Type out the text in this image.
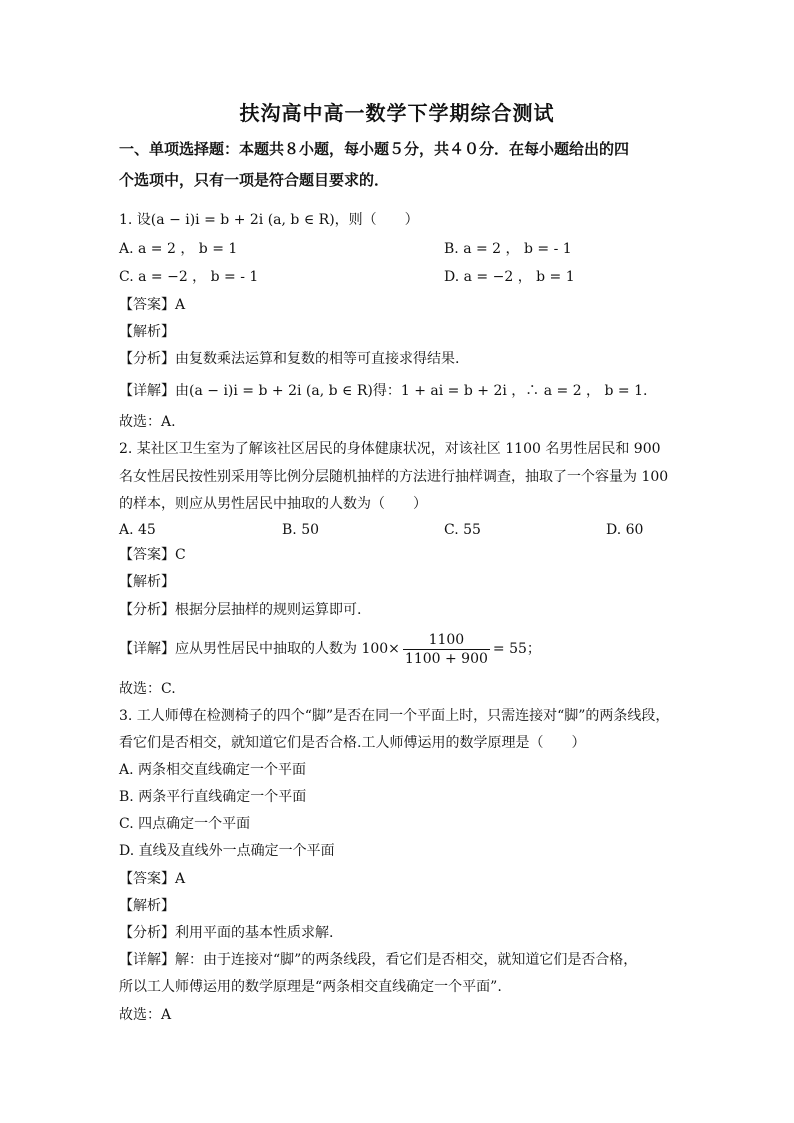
扶沟高中高一数学下学期综合测试
一、单项选择题：本题共８小题，每小题５分，共４０分．在每小题给出的四
个选项中，只有一项是符合题目要求的．
1. 设(a − i)i = b + 2i (a, b ∈ R)，则（　　）
A. a = 2 ， b = 1	B. a = 2 ， b = - 1
C. a = −2 ， b = - 1	D. a = −2 ， b = 1
【答案】A
【解析】
【分析】由复数乘法运算和复数的相等可直接求得结果.
【详解】由(a − i)i = b + 2i (a, b ∈ R)得：1 + ai = b + 2i ，∴ a = 2 ， b = 1.
故选：A.
2. 某社区卫生室为了解该社区居民的身体健康状况，对该社区 1100 名男性居民和 900
名女性居民按性别采用等比例分层随机抽样的方法进行抽样调查，抽取了一个容量为 100
的样本，则应从男性居民中抽取的人数为（　　）
A. 45	B. 50	C. 55	D. 60
【答案】C
【解析】
【分析】根据分层抽样的规则运算即可.
【详解】应从男性居民中抽取的人数为 $100\times \frac{1100}{1100 + 900} = 55$；
故选：C.
3. 工人师傅在检测椅子的四个“脚”是否在同一个平面上时，只需连接对“脚”的两条线段，
看它们是否相交，就知道它们是否合格.工人师傅运用的数学原理是（　　）
A. 两条相交直线确定一个平面
B. 两条平行直线确定一个平面
C. 四点确定一个平面
D. 直线及直线外一点确定一个平面
【答案】A
【解析】
【分析】利用平面的基本性质求解.
【详解】解：由于连接对“脚”的两条线段，看它们是否相交，就知道它们是否合格，
所以工人师傅运用的数学原理是“两条相交直线确定一个平面”.
故选：A
